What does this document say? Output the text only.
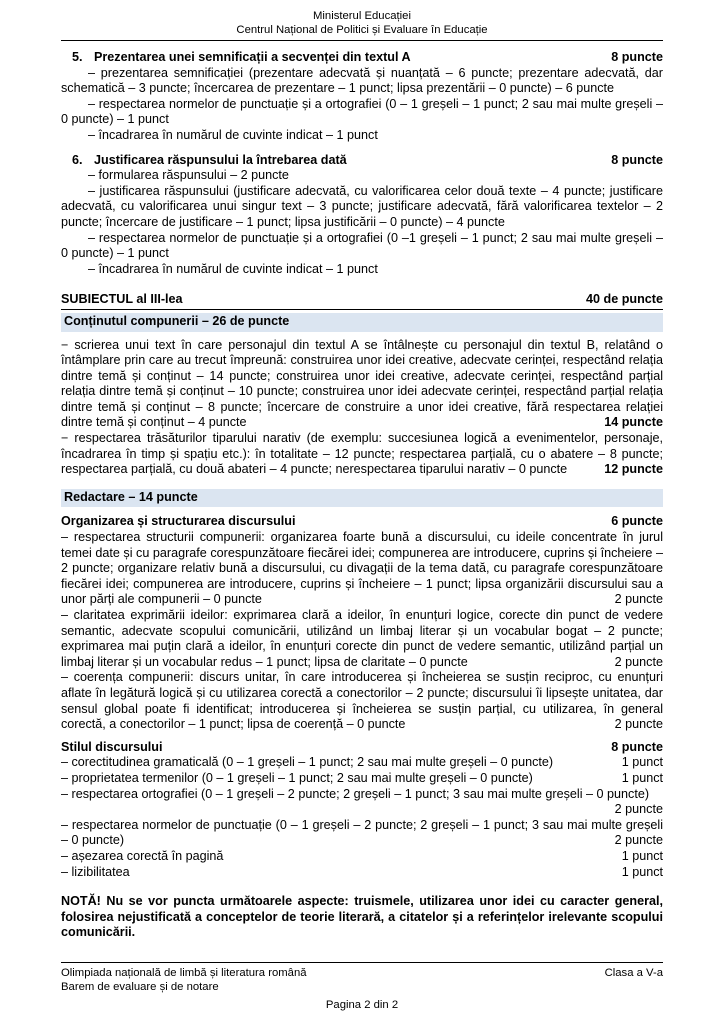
Ministerul Educației
Centrul Național de Politici și Evaluare în Educație
5. Prezentarea unei semnificații a secvenței din textul A	8 puncte

– prezentarea semnificației (prezentare adecvată și nuanțată – 6 puncte; prezentare adecvată, dar schematică – 3 puncte; încercarea de prezentare – 1 punct; lipsa prezentării – 0 puncte) – 6 puncte

– respectarea normelor de punctuație și a ortografiei (0 – 1 greșeli – 1 punct; 2 sau mai multe greșeli – 0 puncte) – 1 punct

– încadrarea în numărul de cuvinte indicat – 1 punct

6. Justificarea răspunsului la întrebarea dată	8 puncte

– formularea răspunsului – 2 puncte

– justificarea răspunsului (justificare adecvată, cu valorificarea celor două texte – 4 puncte; justificare adecvată, cu valorificarea unui singur text – 3 puncte; justificare adecvată, fără valorificarea textelor – 2 puncte; încercare de justificare – 1 punct; lipsa justificării – 0 puncte) – 4 puncte

– respectarea normelor de punctuație și a ortografiei (0 –1 greșeli – 1 punct; 2 sau mai multe greșeli – 0 puncte) – 1 punct

– încadrarea în numărul de cuvinte indicat – 1 punct

SUBIECTUL al III-lea	40 de puncte
Conținutul compunerii – 26 de puncte

− scrierea unui text în care personajul din textul A se întâlnește cu personajul din textul B, relatând o întâmplare prin care au trecut împreună: construirea unor idei creative, adecvate cerinței, respectând relația dintre temă și conținut – 14 puncte; construirea unor idei creative, adecvate cerinței, respectând parțial relația dintre temă și conținut – 10 puncte; construirea unor idei adecvate cerinței, respectând parțial relația dintre temă și conținut – 8 puncte; încercare de construire a unor idei creative, fără respectarea relației dintre temă și conținut – 4 puncte	14 puncte

− respectarea trăsăturilor tiparului narativ (de exemplu: succesiunea logică a evenimentelor, personaje, încadrarea în timp și spațiu etc.): în totalitate – 12 puncte; respectarea parțială, cu o abatere – 8 puncte; respectarea parțială, cu două abateri – 4 puncte; nerespectarea tiparului narativ – 0 puncte	12 puncte

Redactare – 14 puncte
Organizarea și structurarea discursului	6 puncte

– respectarea structurii compunerii: organizarea foarte bună a discursului, cu ideile concentrate în jurul temei date și cu paragrafe corespunzătoare fiecărei idei; compunerea are introducere, cuprins și încheiere – 2 puncte; organizare relativ bună a discursului, cu divagații de la tema dată, cu paragrafe corespunzătoare fiecărei idei; compunerea are introducere, cuprins și încheiere – 1 punct; lipsa organizării discursului sau a unor părți ale compunerii – 0 puncte	2 puncte

– claritatea exprimării ideilor: exprimarea clară a ideilor, în enunțuri logice, corecte din punct de vedere semantic, adecvate scopului comunicării, utilizând un limbaj literar și un vocabular bogat – 2 puncte; exprimarea mai puțin clară a ideilor, în enunțuri corecte din punct de vedere semantic, utilizând parțial un limbaj literar și un vocabular redus – 1 punct; lipsa de claritate – 0 puncte	2 puncte

– coerența compunerii: discurs unitar, în care introducerea și încheierea se susțin reciproc, cu enunțuri aflate în legătură logică și cu utilizarea corectă a conectorilor – 2 puncte; discursului îi lipsește unitatea, dar sensul global poate fi identificat; introducerea și încheierea se susțin parțial, cu utilizarea, în general corectă, a conectorilor – 1 punct; lipsa de coerență – 0 puncte	2 puncte

Stilul discursului	8 puncte

– corectitudinea gramaticală (0 – 1 greșeli – 1 punct; 2 sau mai multe greșeli – 0 puncte)	1 punct

– proprietatea termenilor (0 – 1 greșeli – 1 punct; 2 sau mai multe greșeli – 0 puncte)	1 punct

– respectarea ortografiei (0 – 1 greșeli – 2 puncte; 2 greșeli – 1 punct; 3 sau mai multe greșeli – 0 puncte)
2 puncte

– respectarea normelor de punctuație (0 – 1 greșeli – 2 puncte; 2 greșeli – 1 punct; 3 sau mai multe greșeli – 0 puncte)	2 puncte

– așezarea corectă în pagină	1 punct

– lizibilitatea	1 punct

NOTĂ! Nu se vor puncta următoarele aspecte: truismele, utilizarea unor idei cu caracter general, folosirea nejustificată a conceptelor de teorie literară, a citatelor și a referințelor irelevante scopului comunicării.

Olimpiada națională de limbă și literatura română	Clasa a V-a
Barem de evaluare și de notare
Pagina 2 din 2
